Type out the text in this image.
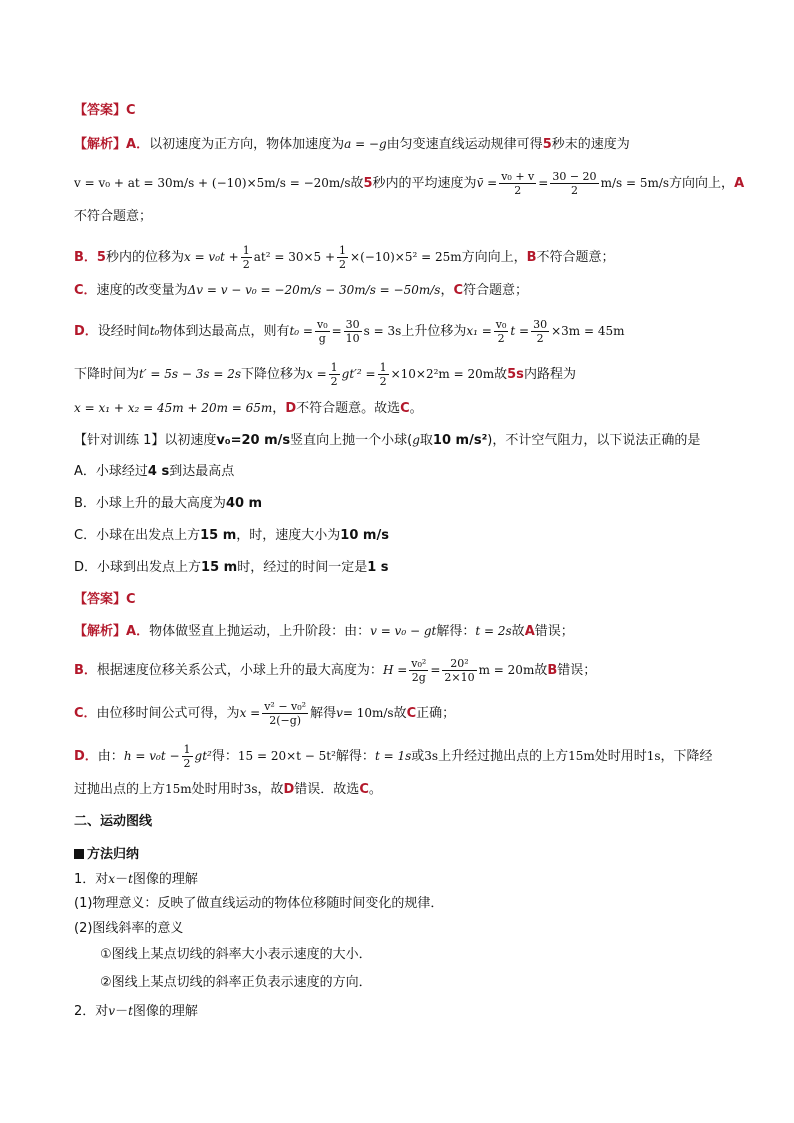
【答案】C
【解析】A．以初速度为正方向，物体加速度为a = −g由匀变速直线运动规律可得5秒末的速度为
v = v₀ + at = 30m/s + (−10)×5m/s = −20m/s故5秒内的平均速度为v̄ = $\frac{\text{v₀ + v}}{2} = \frac{30 - 20}{2} m/s = 5m/s$方向向上，A
不符合题意；
B．5秒内的位移为$x = v_0t + \frac{1}{2} at^2 = 30\times 5 + \frac{1}{2} \times(-10)\times 5^2 = 25m$方向向上，B不符合题意；
C．速度的改变量为Δv = v − v₀ = −20m/s − 30m/s = −50m/s，C符合题意；
D．设经时间t₀物体到达最高点，则有$t_0 = \frac{\text{v₀}}{g} = \frac{30}{10}$ s = 3s上升位移为$x_1 = \frac{\text{v₀}}{2}$ $t = \frac{30}{2} \times 3m = 45m$
下降时间为t′ = 5s − 3s = 2s下降位移为$x = \frac{1}{2} gt'^2 = \frac{1}{2} \times 10\times 2^2m = 20m$故5s内路程为
x = x₁ + x₂ = 45m + 20m = 65m，D不符合题意。故选C。
【针对训练 1】以初速度v₀=20 m/s竖直向上抛一个小球(g取10 m/s²)，不计空气阻力，以下说法正确的是
A．小球经过4 s到达最高点
B．小球上升的最大高度为40 m
C．小球在出发点上方15 m，时，速度大小为10 m/s
D．小球到出发点上方15 m时，经过的时间一定是1 s
【答案】C
【解析】A．物体做竖直上抛运动，上升阶段：由：v = v₀ − gt解得：t = 2s故A错误；
B．根据速度位移关系公式，小球上升的最大高度为：$H = \frac{\text{v₀²}}{2g} = \frac{\text{20²}}{2\times 10}$ m = 20m故B错误；
C．由位移时间公式可得，为$x = \frac{\text{v² − v₀²}}{2(-g)}$ 解得v= 10m/s故C正确；
D．由：$h = v_0t - \frac{1}{2} gt^2$得：15 = 20×t − 5t²解得：t = 1s或3s上升经过抛出点的上方15m处时用时1s，下降经
过抛出点的上方15m处时用时3s，故D错误．故选C。
二、运动图线
方法归纳
1．对x－t图像的理解
(1)物理意义：反映了做直线运动的物体位移随时间变化的规律．
(2)图线斜率的意义
①图线上某点切线的斜率大小表示速度的大小．
②图线上某点切线的斜率正负表示速度的方向．
2．对v－t图像的理解
